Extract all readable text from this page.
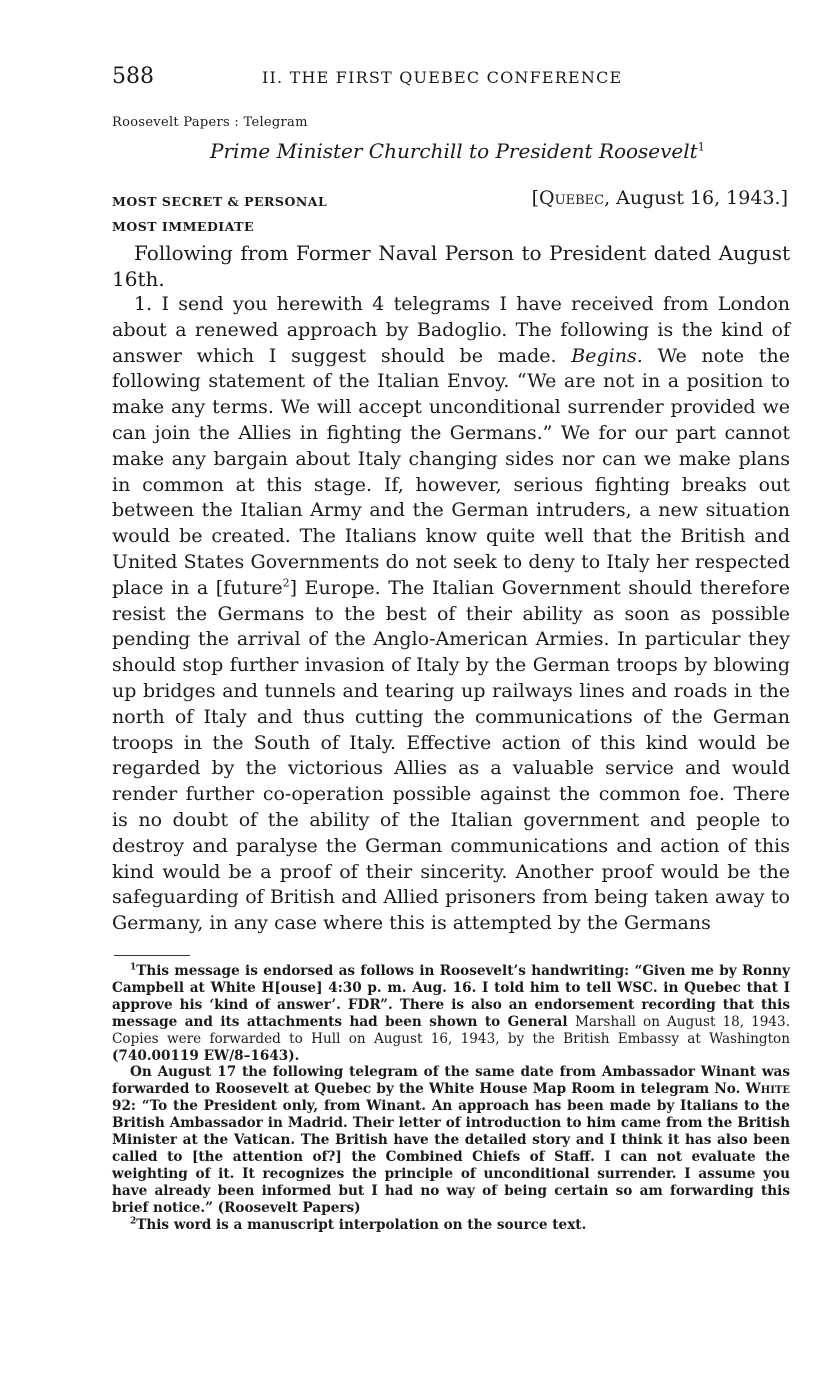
588	II. THE FIRST QUEBEC CONFERENCE
Roosevelt Papers : Telegram
Prime Minister Churchill to President Roosevelt$^1$
MOST SECRET & PERSONAL
MOST IMMEDIATE
[Quebec, August 16, 1943.]

Following from Former Naval Person to President dated August 16th.

1. I send you herewith 4 telegrams I have received from London about a renewed approach by Badoglio. The following is the kind of answer which I suggest should be made. Begins. We note the following statement of the Italian Envoy. “We are not in a position to make any terms. We will accept unconditional surrender provided we can join the Allies in fighting the Germans.” We for our part cannot make any bargain about Italy changing sides nor can we make plans in common at this stage. If, however, serious fighting breaks out between the Italian Army and the German intruders, a new situation would be created. The Italians know quite well that the British and United States Governments do not seek to deny to Italy her respected place in a [future$^2$] Europe. The Italian Government should therefore resist the Germans to the best of their ability as soon as possible pending the arrival of the Anglo-American Armies. In particular they should stop further invasion of Italy by the German troops by blowing up bridges and tunnels and tearing up railways lines and roads in the north of Italy and thus cutting the communications of the German troops in the South of Italy. Effective action of this kind would be regarded by the victorious Allies as a valuable service and would render further co-operation possible against the common foe. There is no doubt of the ability of the Italian government and people to destroy and paralyse the German communications and action of this kind would be a proof of their sincerity. Another proof would be the safeguarding of British and Allied prisoners from being taken away to Germany, in any case where this is attempted by the Germans

$^1$This message is endorsed as follows in Roosevelt’s handwriting: “Given me by Ronny Campbell at White H[ouse] 4:30 p. m. Aug. 16. I told him to tell WSC. in Quebec that I approve his ‘kind of answer’. FDR”. There is also an endorsement recording that this message and its attachments had been shown to General Marshall on August 18, 1943. Copies were forwarded to Hull on August 16, 1943, by the British Embassy at Washington (740.00119 EW/8–1643).

On August 17 the following telegram of the same date from Ambassador Winant was forwarded to Roosevelt at Quebec by the White House Map Room in telegram No. White 92: “To the President only, from Winant. An approach has been made by Italians to the British Ambassador in Madrid. Their letter of introduction to him came from the British Minister at the Vatican. The British have the detailed story and I think it has also been called to [the attention of?] the Combined Chiefs of Staff. I can not evaluate the weighting of it. It recognizes the principle of unconditional surrender. I assume you have already been informed but I had no way of being certain so am forwarding this brief notice.” (Roosevelt Papers)

$^2$This word is a manuscript interpolation on the source text.
